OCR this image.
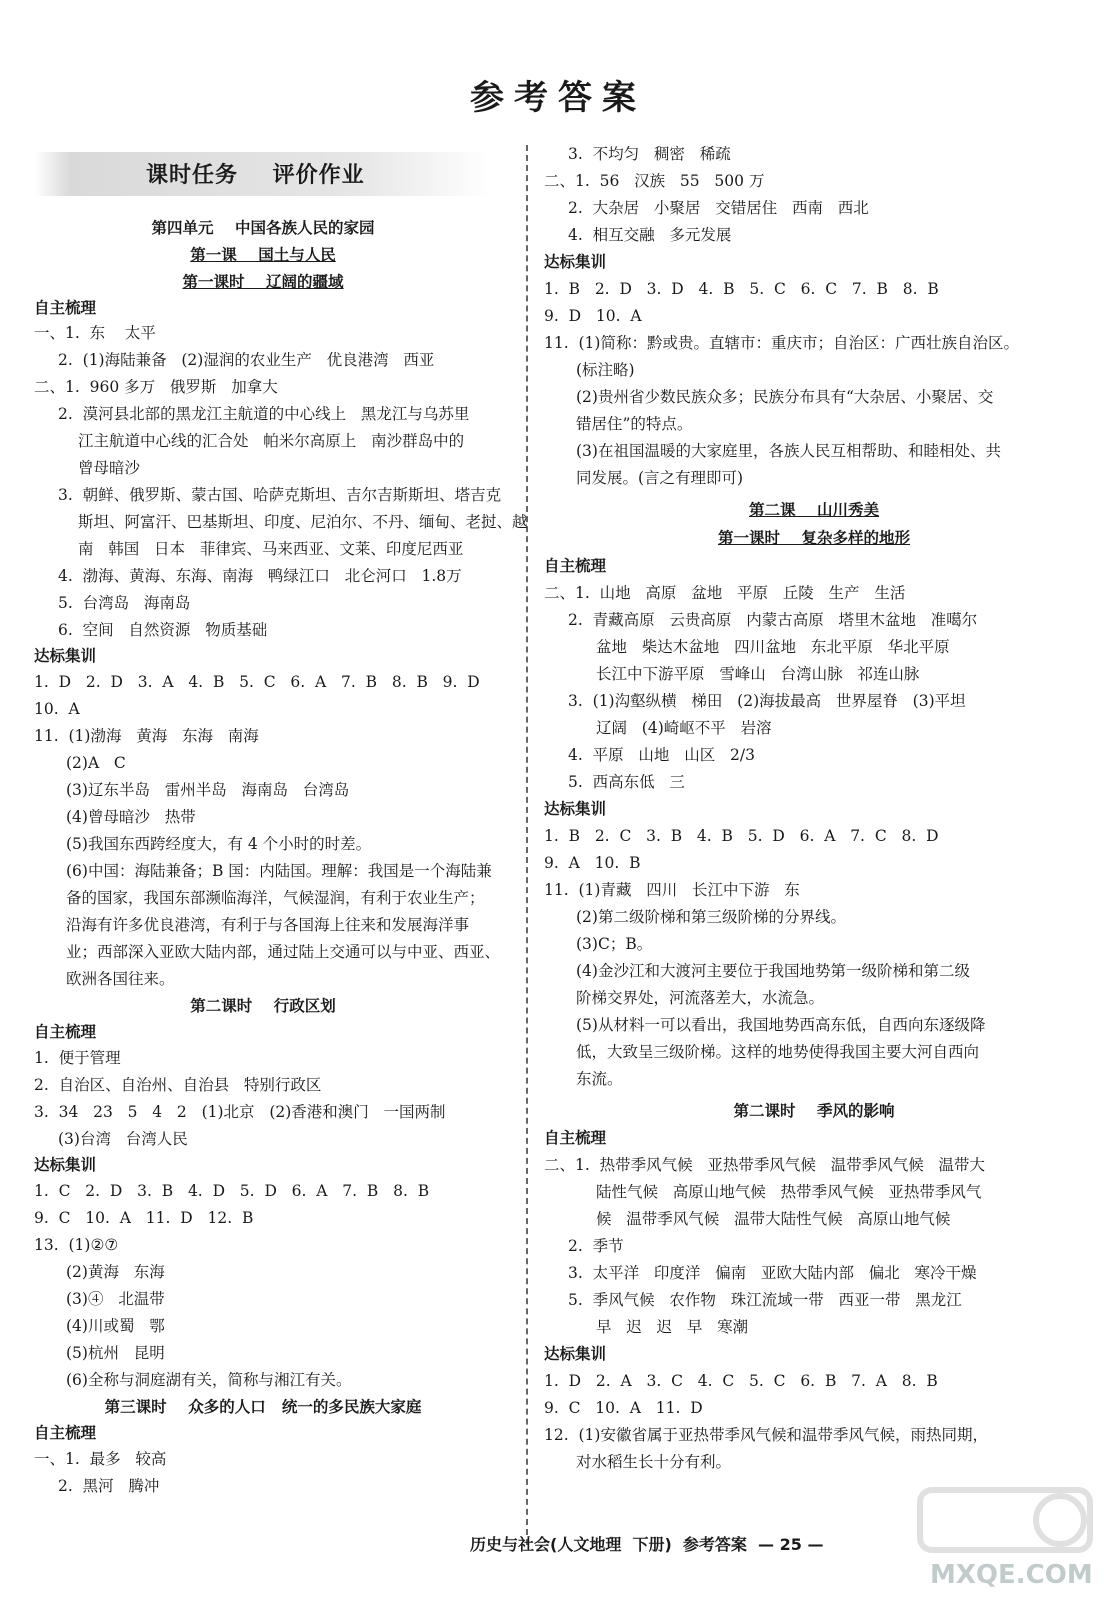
参考答案
课时任务    评价作业
第四单元    中国各族人民的家园
第一课    国土与人民
第一课时    辽阔的疆域
自主梳理
一、1.  东    太平
2.  (1)海陆兼备   (2)湿润的农业生产   优良港湾   西亚
二、1.  960 多万   俄罗斯   加拿大
2.  漠河县北部的黑龙江主航道的中心线上   黑龙江与乌苏里
江主航道中心线的汇合处   帕米尔高原上   南沙群岛中的
曾母暗沙
3.  朝鲜、俄罗斯、蒙古国、哈萨克斯坦、吉尔吉斯斯坦、塔吉克
斯坦、阿富汗、巴基斯坦、印度、尼泊尔、不丹、缅甸、老挝、越
南   韩国   日本   菲律宾、马来西亚、文莱、印度尼西亚
4.  渤海、黄海、东海、南海   鸭绿江口   北仑河口   1.8万
5.  台湾岛   海南岛
6.  空间   自然资源   物质基础
达标集训
1.  D   2.  D   3.  A   4.  B   5.  C   6.  A   7.  B   8.  B   9.  D
10.  A
11.  (1)渤海   黄海   东海   南海
(2)A   C
(3)辽东半岛   雷州半岛   海南岛   台湾岛
(4)曾母暗沙   热带
(5)我国东西跨经度大，有 4 个小时的时差。
(6)中国：海陆兼备；B 国：内陆国。理解：我国是一个海陆兼
备的国家，我国东部濒临海洋，气候湿润，有利于农业生产；
沿海有许多优良港湾，有利于与各国海上往来和发展海洋事
业；西部深入亚欧大陆内部，通过陆上交通可以与中亚、西亚、
欧洲各国往来。
第二课时    行政区划
自主梳理
1.  便于管理
2.  自治区、自治州、自治县   特别行政区
3.  34   23   5   4   2   (1)北京   (2)香港和澳门   一国两制
(3)台湾   台湾人民
达标集训
1.  C   2.  D   3.  B   4.  D   5.  D   6.  A   7.  B   8.  B
9.  C   10.  A   11.  D   12.  B
13.  (1)②⑦
(2)黄海   东海
(3)④   北温带
(4)川或蜀   鄂
(5)杭州   昆明
(6)全称与洞庭湖有关，简称与湘江有关。
第三课时    众多的人口   统一的多民族大家庭
自主梳理
一、1.  最多   较高
2.  黑河   腾冲
3.  不均匀   稠密   稀疏
二、1.  56   汉族   55   500 万
2.  大杂居   小聚居   交错居住   西南   西北
4.  相互交融   多元发展
达标集训
1.  B   2.  D   3.  D   4.  B   5.  C   6.  C   7.  B   8.  B
9.  D   10.  A
11.  (1)简称：黔或贵。直辖市：重庆市；自治区：广西壮族自治区。
(标注略)
(2)贵州省少数民族众多；民族分布具有“大杂居、小聚居、交
错居住”的特点。
(3)在祖国温暖的大家庭里，各族人民互相帮助、和睦相处、共
同发展。(言之有理即可)
第二课    山川秀美
第一课时    复杂多样的地形
自主梳理
二、1.  山地   高原   盆地   平原   丘陵   生产   生活
2.  青藏高原   云贵高原   内蒙古高原   塔里木盆地   准噶尔
盆地   柴达木盆地   四川盆地   东北平原   华北平原
长江中下游平原   雪峰山   台湾山脉   祁连山脉
3.  (1)沟壑纵横   梯田   (2)海拔最高   世界屋脊   (3)平坦
辽阔   (4)崎岖不平   岩溶
4.  平原   山地   山区   2/3
5.  西高东低   三
达标集训
1.  B   2.  C   3.  B   4.  B   5.  D   6.  A   7.  C   8.  D
9.  A   10.  B
11.  (1)青藏   四川   长江中下游   东
(2)第二级阶梯和第三级阶梯的分界线。
(3)C；B。
(4)金沙江和大渡河主要位于我国地势第一级阶梯和第二级
阶梯交界处，河流落差大，水流急。
(5)从材料一可以看出，我国地势西高东低，自西向东逐级降
低，大致呈三级阶梯。这样的地势使得我国主要大河自西向
东流。
第二课时    季风的影响
自主梳理
二、1.  热带季风气候   亚热带季风气候   温带季风气候   温带大
陆性气候   高原山地气候   热带季风气候   亚热带季风气
候   温带季风气候   温带大陆性气候   高原山地气候
2.  季节
3.  太平洋   印度洋   偏南   亚欧大陆内部   偏北   寒冷干燥
5.  季风气候   农作物   珠江流域一带   西亚一带   黑龙江
早   迟   迟   早   寒潮
达标集训
1.  D   2.  A   3.  C   4.  C   5.  C   6.  B   7.  A   8.  B
9.  C   10.  A   11.  D
12.  (1)安徽省属于亚热带季风气候和温带季风气候，雨热同期，
对水稻生长十分有利。
历史与社会(人文地理  下册)  参考答案  — 25 —
MXQE.COM
